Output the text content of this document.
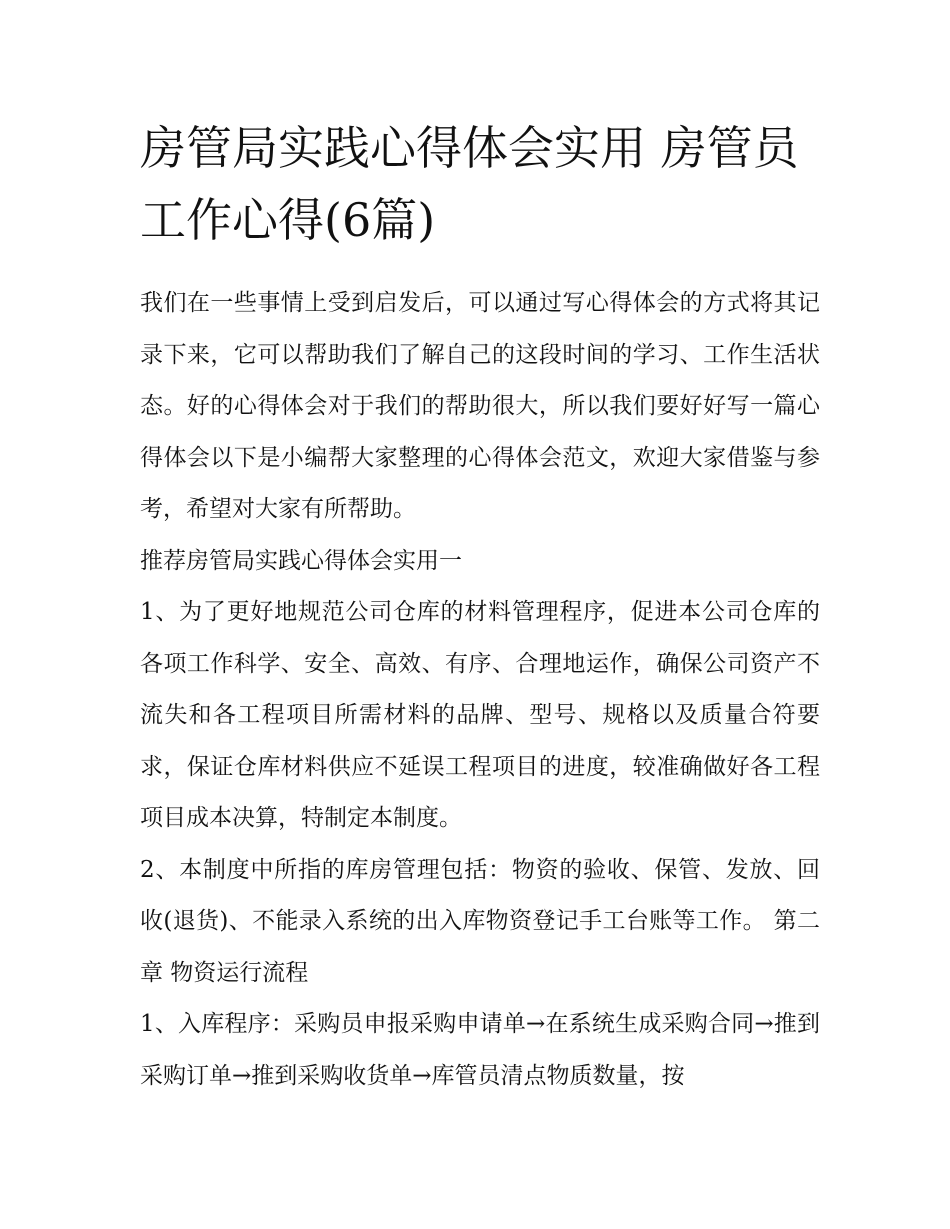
房管局实践心得体会实用 房管员工作心得(6篇)

我们在一些事情上受到启发后，可以通过写心得体会的方式将其记录下来，它可以帮助我们了解自己的这段时间的学习、工作生活状态。好的心得体会对于我们的帮助很大，所以我们要好好写一篇心得体会以下是小编帮大家整理的心得体会范文，欢迎大家借鉴与参考，希望对大家有所帮助。

推荐房管局实践心得体会实用一

1、为了更好地规范公司仓库的材料管理程序，促进本公司仓库的各项工作科学、安全、高效、有序、合理地运作，确保公司资产不流失和各工程项目所需材料的品牌、型号、规格以及质量合符要求，保证仓库材料供应不延误工程项目的进度，较准确做好各工程项目成本决算，特制定本制度。

2、本制度中所指的库房管理包括：物资的验收、保管、发放、回收(退货)、不能录入系统的出入库物资登记手工台账等工作。 第二章 物资运行流程

1、入库程序：采购员申报采购申请单→在系统生成采购合同→推到采购订单→推到采购收货单→库管员清点物质数量，按
